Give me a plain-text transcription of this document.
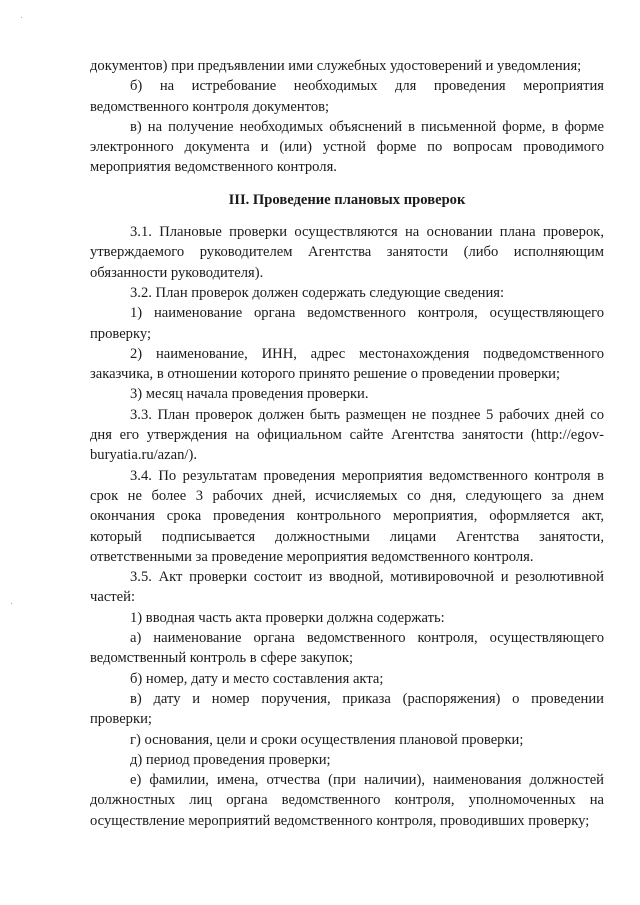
·
·

документов) при предъявлении ими служебных удостоверений и уведомления;

б) на истребование необходимых для проведения мероприятия ведомственного контроля документов;

в) на получение необходимых объяснений в письменной форме, в форме электронного документа и (или) устной форме по вопросам проводимого мероприятия ведомственного контроля.

III. Проведение плановых проверок

3.1. Плановые проверки осуществляются на основании плана проверок, утверждаемого руководителем Агентства занятости (либо исполняющим обязанности руководителя).

3.2. План проверок должен содержать следующие сведения:

1) наименование органа ведомственного контроля, осуществляющего проверку;

2) наименование, ИНН, адрес местонахождения подведомственного заказчика, в отношении которого принято решение о проведении проверки;

3) месяц начала проведения проверки.

3.3. План проверок должен быть размещен не позднее 5 рабочих дней со дня его утверждения на официальном сайте Агентства занятости (http://egov-buryatia.ru/azan/).

3.4. По результатам проведения мероприятия ведомственного контроля в срок не более 3 рабочих дней, исчисляемых со дня, следующего за днем окончания срока проведения контрольного мероприятия, оформляется акт, который подписывается должностными лицами Агентства занятости, ответственными за проведение мероприятия ведомственного контроля.

3.5. Акт проверки состоит из вводной, мотивировочной и резолютивной частей:

1) вводная часть акта проверки должна содержать:

а) наименование органа ведомственного контроля, осуществляющего ведомственный контроль в сфере закупок;

б) номер, дату и место составления акта;

в) дату и номер поручения, приказа (распоряжения) о проведении проверки;

г) основания, цели и сроки осуществления плановой проверки;

д) период проведения проверки;

е) фамилии, имена, отчества (при наличии), наименования должностей должностных лиц органа ведомственного контроля, уполномоченных на осуществление мероприятий ведомственного контроля, проводивших проверку;
